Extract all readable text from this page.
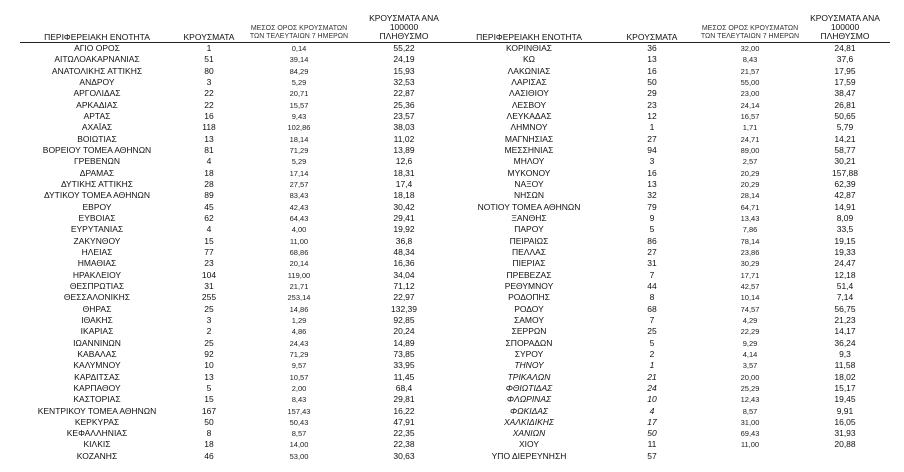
ΠΕΡΙΦΕΡΕΙΑΚΗ ΕΝΟΤΗΤΑ	ΚΡΟΥΣΜΑΤΑ	ΜΕΣΟΣ ΟΡΟΣ ΚΡΟΥΣΜΑΤΩΝ
ΤΩΝ ΤΕΛΕΥΤΑΙΩΝ 7 ΗΜΕΡΩΝ	ΚΡΟΥΣΜΑΤΑ ΑΝΑ 100000
ΠΛΗΘΥΣΜΟ
ΑΓΙΟ ΟΡΟΣ	1	0,14	55,22
ΑΙΤΩΛΟΑΚΑΡΝΑΝΙΑΣ	51	39,14	24,19
ΑΝΑΤΟΛΙΚΗΣ ΑΤΤΙΚΗΣ	80	84,29	15,93
ΑΝΔΡΟΥ	3	5,29	32,53
ΑΡΓΟΛΙΔΑΣ	22	20,71	22,87
ΑΡΚΑΔΙΑΣ	22	15,57	25,36
ΑΡΤΑΣ	16	9,43	23,57
ΑΧΑΪΑΣ	118	102,86	38,03
ΒΟΙΩΤΙΑΣ	13	18,14	11,02
ΒΟΡΕΙΟΥ ΤΟΜΕΑ ΑΘΗΝΩΝ	81	71,29	13,89
ΓΡΕΒΕΝΩΝ	4	5,29	12,6
ΔΡΑΜΑΣ	18	17,14	18,31
ΔΥΤΙΚΗΣ ΑΤΤΙΚΗΣ	28	27,57	17,4
ΔΥΤΙΚΟΥ ΤΟΜΕΑ ΑΘΗΝΩΝ	89	83,43	18,18
ΕΒΡΟΥ	45	42,43	30,42
ΕΥΒΟΙΑΣ	62	64,43	29,41
ΕΥΡΥΤΑΝΙΑΣ	4	4,00	19,92
ΖΑΚΥΝΘΟΥ	15	11,00	36,8
ΗΛΕΙΑΣ	77	68,86	48,34
ΗΜΑΘΙΑΣ	23	20,14	16,36
ΗΡΑΚΛΕΙΟΥ	104	119,00	34,04
ΘΕΣΠΡΩΤΙΑΣ	31	21,71	71,12
ΘΕΣΣΑΛΟΝΙΚΗΣ	255	253,14	22,97
ΘΗΡΑΣ	25	14,86	132,39
ΙΘΑΚΗΣ	3	1,29	92,85
ΙΚΑΡΙΑΣ	2	4,86	20,24
ΙΩΑΝΝΙΝΩΝ	25	24,43	14,89
ΚΑΒΑΛΑΣ	92	71,29	73,85
ΚΑΛΥΜΝΟΥ	10	9,57	33,95
ΚΑΡΔΙΤΣΑΣ	13	10,57	11,45
ΚΑΡΠΑΘΟΥ	5	2,00	68,4
ΚΑΣΤΟΡΙΑΣ	15	8,43	29,81
ΚΕΝΤΡΙΚΟΥ ΤΟΜΕΑ ΑΘΗΝΩΝ	167	157,43	16,22
ΚΕΡΚΥΡΑΣ	50	50,43	47,91
ΚΕΦΑΛΛΗΝΙΑΣ	8	8,57	22,35
ΚΙΛΚΙΣ	18	14,00	22,38
ΚΟΖΑΝΗΣ	46	53,00	30,63
ΠΕΡΙΦΕΡΕΙΑΚΗ ΕΝΟΤΗΤΑ	ΚΡΟΥΣΜΑΤΑ	ΜΕΣΟΣ ΟΡΟΣ ΚΡΟΥΣΜΑΤΩΝ
ΤΩΝ ΤΕΛΕΥΤΑΙΩΝ 7 ΗΜΕΡΩΝ	ΚΡΟΥΣΜΑΤΑ ΑΝΑ 100000
ΠΛΗΘΥΣΜΟ
ΚΟΡΙΝΘΙΑΣ	36	32,00	24,81
ΚΩ	13	8,43	37,6
ΛΑΚΩΝΙΑΣ	16	21,57	17,95
ΛΑΡΙΣΑΣ	50	55,00	17,59
ΛΑΣΙΘΙΟΥ	29	23,00	38,47
ΛΕΣΒΟΥ	23	24,14	26,81
ΛΕΥΚΑΔΑΣ	12	16,57	50,65
ΛΗΜΝΟΥ	1	1,71	5,79
ΜΑΓΝΗΣΙΑΣ	27	24,71	14,21
ΜΕΣΣΗΝΙΑΣ	94	89,00	58,77
ΜΗΛΟΥ	3	2,57	30,21
ΜΥΚΟΝΟΥ	16	20,29	157,88
ΝΑΞΟΥ	13	20,29	62,39
ΝΗΣΩΝ	32	28,14	42,87
ΝΟΤΙΟΥ ΤΟΜΕΑ ΑΘΗΝΩΝ	79	64,71	14,91
ΞΑΝΘΗΣ	9	13,43	8,09
ΠΑΡΟΥ	5	7,86	33,5
ΠΕΙΡΑΙΩΣ	86	78,14	19,15
ΠΕΛΛΑΣ	27	23,86	19,33
ΠΙΕΡΙΑΣ	31	30,29	24,47
ΠΡΕΒΕΖΑΣ	7	17,71	12,18
ΡΕΘΥΜΝΟΥ	44	42,57	51,4
ΡΟΔΟΠΗΣ	8	10,14	7,14
ΡΟΔΟΥ	68	74,57	56,75
ΣΑΜΟΥ	7	4,29	21,23
ΣΕΡΡΩΝ	25	22,29	14,17
ΣΠΟΡΑΔΩΝ	5	9,29	36,24
ΣΥΡΟΥ	2	4,14	9,3
ΤΗΝΟΥ	1	3,57	11,58
ΤΡΙΚΑΛΩΝ	21	20,00	18,02
ΦΘΙΩΤΙΔΑΣ	24	25,29	15,17
ΦΛΩΡΙΝΑΣ	10	12,43	19,45
ΦΩΚΙΔΑΣ	4	8,57	9,91
ΧΑΛΚΙΔΙΚΗΣ	17	31,00	16,05
ΧΑΝΙΩΝ	50	69,43	31,93
ΧΙΟΥ	11	11,00	20,88
ΥΠΟ ΔΙΕΡΕΥΝΗΣΗ	57		
